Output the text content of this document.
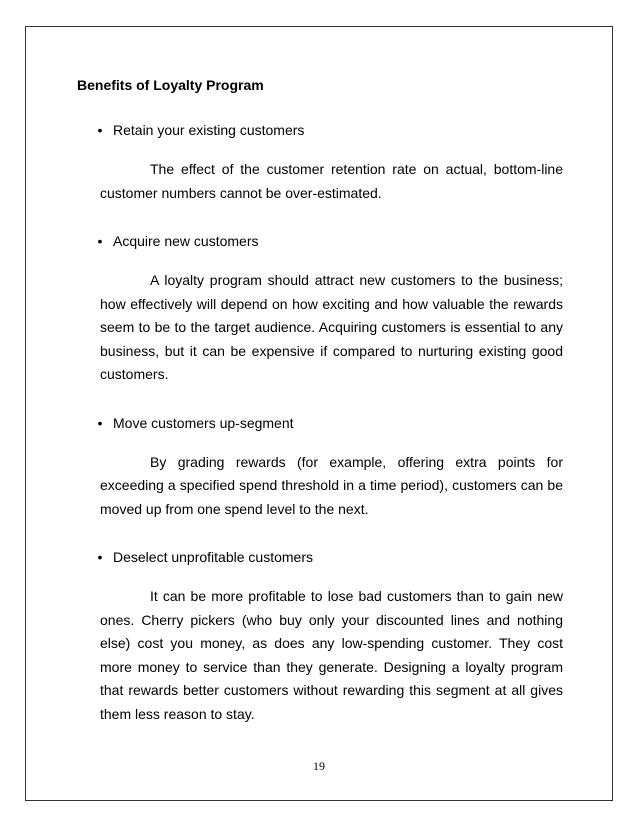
Benefits of Loyalty Program
• Retain your existing customers
The effect of the customer retention rate on actual, bottom-line customer numbers cannot be over-estimated.
• Acquire new customers
A loyalty program should attract new customers to the business; how effectively will depend on how exciting and how valuable the rewards seem to be to the target audience. Acquiring customers is essential to any business, but it can be expensive if compared to nurturing existing good customers.
• Move customers up-segment
By grading rewards (for example, offering extra points for exceeding a specified spend threshold in a time period), customers can be moved up from one spend level to the next.
• Deselect unprofitable customers
It can be more profitable to lose bad customers than to gain new ones. Cherry pickers (who buy only your discounted lines and nothing else) cost you money, as does any low-spending customer. They cost more money to service than they generate. Designing a loyalty program that rewards better customers without rewarding this segment at all gives them less reason to stay.
19
